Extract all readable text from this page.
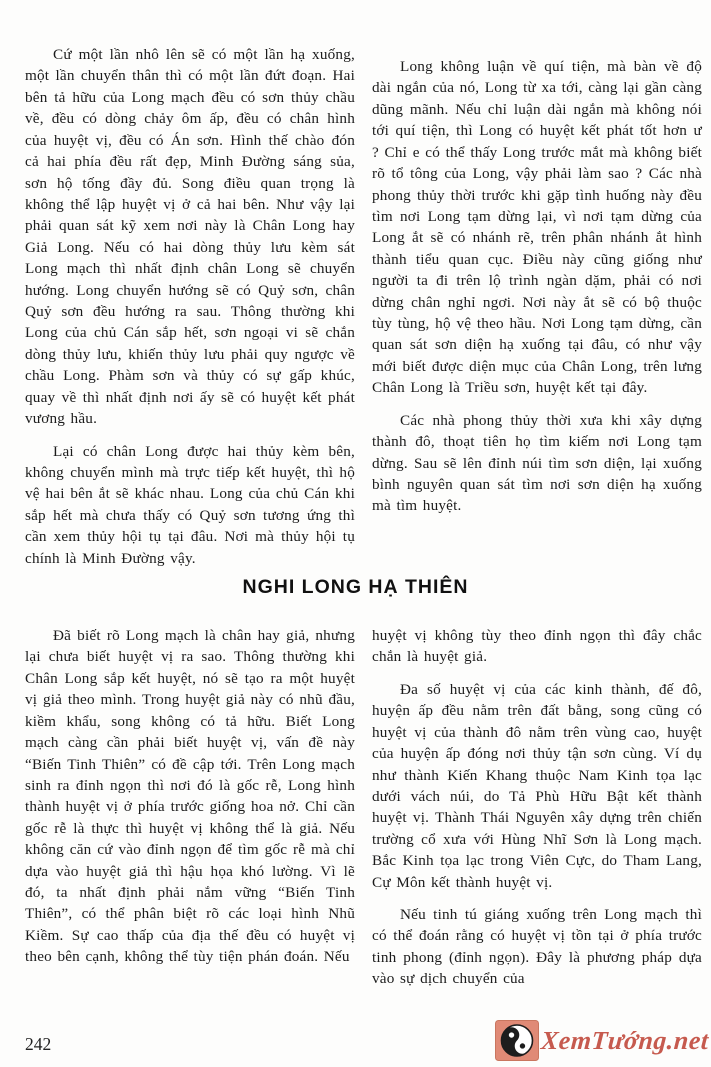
Cứ một lần nhô lên sẽ có một lần hạ xuống, một lần chuyển thân thì có một lần đứt đoạn. Hai bên tả hữu của Long mạch đều có sơn thủy chầu về, đều có dòng chảy ôm ấp, đều có chân hình của huyệt vị, đều có Án sơn. Hình thế chào đón cả hai phía đều rất đẹp, Minh Đường sáng sủa, sơn hộ tống đầy đủ. Song điều quan trọng là không thể lập huyệt vị ở cả hai bên. Như vậy lại phải quan sát kỹ xem nơi này là Chân Long hay Giả Long. Nếu có hai dòng thủy lưu kèm sát Long mạch thì nhất định chân Long sẽ chuyển hướng. Long chuyển hướng sẽ có Quỷ sơn, chân Quỷ sơn đều hướng ra sau. Thông thường khi Long của chủ Cán sắp hết, sơn ngoại vi sẽ chắn dòng thủy lưu, khiến thủy lưu phải quy ngược về chầu Long. Phàm sơn và thủy có sự gấp khúc, quay về thì nhất định nơi ấy sẽ có huyệt kết phát vương hầu.

Lại có chân Long được hai thủy kèm bên, không chuyển mình mà trực tiếp kết huyệt, thì hộ vệ hai bên ắt sẽ khác nhau. Long của chủ Cán khi sắp hết mà chưa thấy có Quỷ sơn tương ứng thì cần xem thủy hội tụ tại đâu. Nơi mà thủy hội tụ chính là Minh Đường vậy.

Long không luận về quí tiện, mà bàn về độ dài ngắn của nó, Long từ xa tới, càng lại gần càng dũng mãnh. Nếu chỉ luận dài ngắn mà không nói tới quí tiện, thì Long có huyệt kết phát tốt hơn ư ? Chỉ e có thể thấy Long trước mắt mà không biết rõ tổ tông của Long, vậy phải làm sao ? Các nhà phong thủy thời trước khi gặp tình huống này đều tìm nơi Long tạm dừng lại, vì nơi tạm dừng của Long ắt sẽ có nhánh rẽ, trên phân nhánh ắt hình thành tiểu quan cục. Điều này cũng giống như người ta đi trên lộ trình ngàn dặm, phải có nơi dừng chân nghỉ ngơi. Nơi này ắt sẽ có bộ thuộc tùy tùng, hộ vệ theo hầu. Nơi Long tạm dừng, cần quan sát sơn diện hạ xuống tại đâu, có như vậy mới biết được diện mục của Chân Long, trên lưng Chân Long là Triều sơn, huyệt kết tại đây.

Các nhà phong thủy thời xưa khi xây dựng thành đô, thoạt tiên họ tìm kiếm nơi Long tạm dừng. Sau sẽ lên đỉnh núi tìm sơn diện, lại xuống bình nguyên quan sát tìm nơi sơn diện hạ xuống mà tìm huyệt.

NGHI LONG HẠ THIÊN

Đã biết rõ Long mạch là chân hay giả, nhưng lại chưa biết huyệt vị ra sao. Thông thường khi Chân Long sắp kết huyệt, nó sẽ tạo ra một huyệt vị giả theo mình. Trong huyệt giả này có nhũ đầu, kiềm khẩu, song không có tả hữu. Biết Long mạch càng cần phải biết huyệt vị, vấn đề này “Biến Tinh Thiên” có đề cập tới. Trên Long mạch sinh ra đỉnh ngọn thì nơi đó là gốc rễ, Long hình thành huyệt vị ở phía trước giống hoa nở. Chỉ cần gốc rễ là thực thì huyệt vị không thể là giả. Nếu không căn cứ vào đỉnh ngọn để tìm gốc rễ mà chỉ dựa vào huyệt giả thì hậu họa khó lường. Vì lẽ đó, ta nhất định phải nắm vững “Biến Tinh Thiên”, có thể phân biệt rõ các loại hình Nhũ Kiềm. Sự cao thấp của địa thế đều có huyệt vị theo bên cạnh, không thể tùy tiện phán đoán. Nếu

huyệt vị không tùy theo đỉnh ngọn thì đây chắc chắn là huyệt giả.

Đa số huyệt vị của các kinh thành, đế đô, huyện ấp đều nằm trên đất bằng, song cũng có huyệt vị của thành đô nằm trên vùng cao, huyệt của huyện ấp đóng nơi thủy tận sơn cùng. Ví dụ như thành Kiến Khang thuộc Nam Kinh tọa lạc dưới vách núi, do Tả Phù Hữu Bật kết thành huyệt vị. Thành Thái Nguyên xây dựng trên chiến trường cổ xưa với Hùng Nhĩ Sơn là Long mạch. Bắc Kinh tọa lạc trong Viên Cực, do Tham Lang, Cự Môn kết thành huyệt vị.

Nếu tinh tú giáng xuống trên Long mạch thì có thể đoán rằng có huyệt vị tồn tại ở phía trước tinh phong (đỉnh ngọn). Đây là phương pháp dựa vào sự dịch chuyển của

242	XemTướng.net
